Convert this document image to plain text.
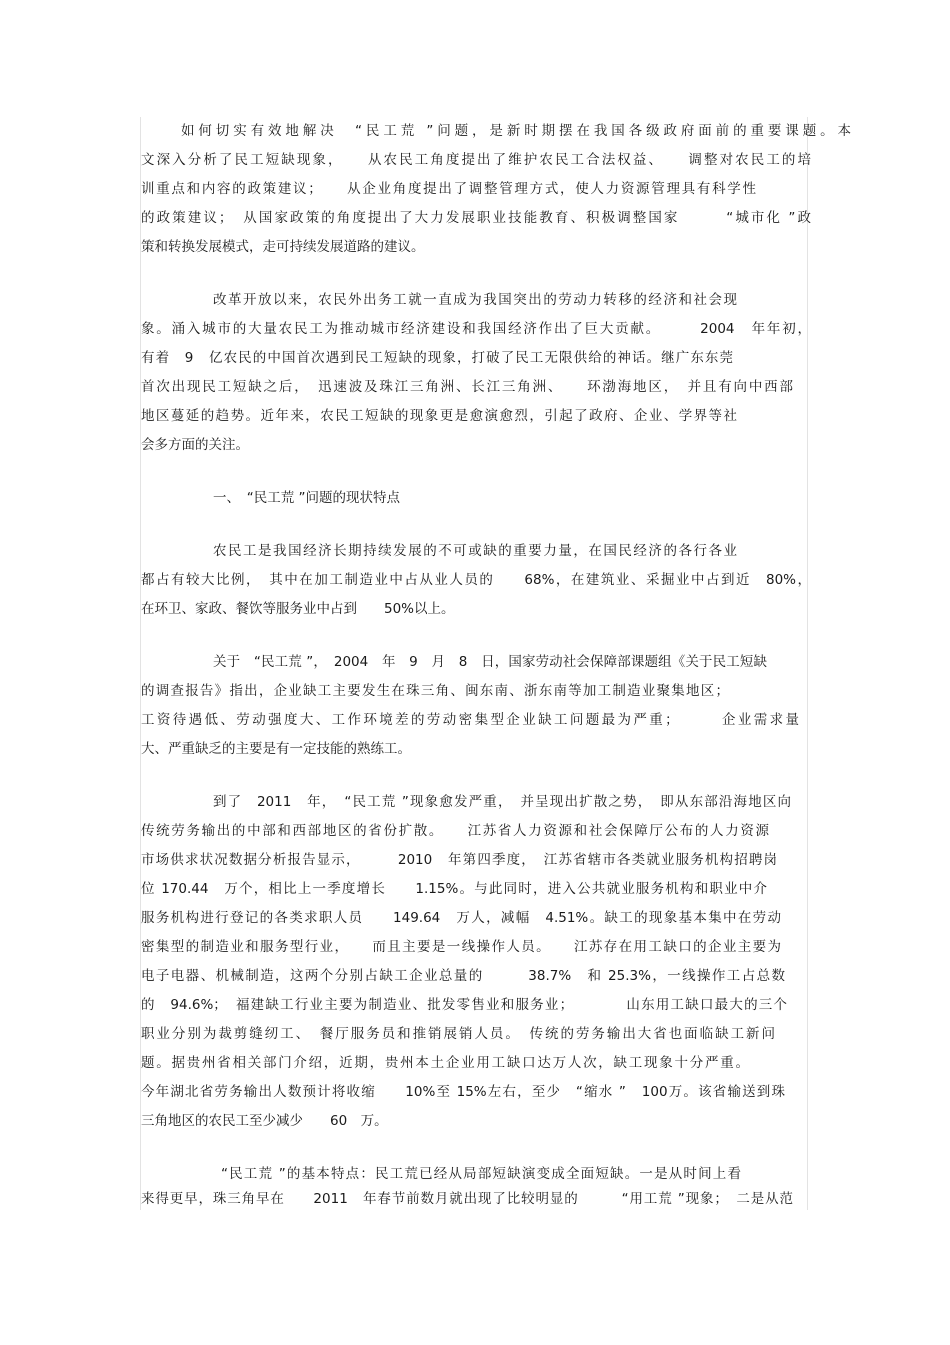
如何切实有效地解决　“民工荒 ”问题，是新时期摆在我国各级政府面前的重要课题。本
文深入分析了民工短缺现象，　　从农民工角度提出了维护农民工合法权益、　　调整对农民工的培
训重点和内容的政策建议；　　从企业角度提出了调整管理方式，使人力资源管理具有科学性
的政策建议；　从国家政策的角度提出了大力发展职业技能教育、积极调整国家　　　“城市化 ”政
策和转换发展模式，走可持续发展道路的建议。
改革开放以来，农民外出务工就一直成为我国突出的劳动力转移的经济和社会现
象。涌入城市的大量农民工为推动城市经济建设和我国经济作出了巨大贡献。　　　2004　年年初，
有着　9　亿农民的中国首次遇到民工短缺的现象，打破了民工无限供给的神话。继广东东莞
首次出现民工短缺之后，　迅速波及珠江三角洲、长江三角洲、　　环渤海地区，　并且有向中西部
地区蔓延的趋势。近年来，农民工短缺的现象更是愈演愈烈，引起了政府、企业、学界等社
会多方面的关注。
一、　“民工荒 ”问题的现状特点
农民工是我国经济长期持续发展的不可或缺的重要力量，在国民经济的各行各业
都占有较大比例，　其中在加工制造业中占从业人员的　　68%，在建筑业、采掘业中占到近　80%，
在环卫、家政、餐饮等服务业中占到　　50%以上。
关于　“民工荒 ”，　2004　年　9　月　8　日，国家劳动社会保障部课题组《关于民工短缺
的调查报告》指出，企业缺工主要发生在珠三角、闽东南、浙东南等加工制造业聚集地区；
工资待遇低、劳动强度大、工作环境差的劳动密集型企业缺工问题最为严重；　　　企业需求量
大、严重缺乏的主要是有一定技能的熟练工。
到了　2011　年，　“民工荒 ”现象愈发严重，　并呈现出扩散之势，　即从东部沿海地区向
传统劳务输出的中部和西部地区的省份扩散。　　江苏省人力资源和社会保障厅公布的人力资源
市场供求状况数据分析报告显示，　　　2010　年第四季度，　江苏省辖市各类就业服务机构招聘岗
位 170.44　万个，相比上一季度增长　　1.15%。与此同时，进入公共就业服务机构和职业中介
服务机构进行登记的各类求职人员　　149.64　万人，减幅　4.51%。缺工的现象基本集中在劳动
密集型的制造业和服务型行业，　　而且主要是一线操作人员。　　江苏存在用工缺口的企业主要为
电子电器、机械制造，这两个分别占缺工企业总量的　　　38.7%　和 25.3%，一线操作工占总数
的　94.6%；　福建缺工行业主要为制造业、批发零售业和服务业；　　　　山东用工缺口最大的三个
职业分别为裁剪缝纫工、　餐厅服务员和推销展销人员。　传统的劳务输出大省也面临缺工新问
题。据贵州省相关部门介绍，近期，贵州本土企业用工缺口达万人次，缺工现象十分严重。
今年湖北省劳务输出人数预计将收缩　　10%至 15%左右，至少　“缩水 ”　100万。该省输送到珠
三角地区的农民工至少减少　　60　万。
“民工荒 ”的基本特点：民工荒已经从局部短缺演变成全面短缺。一是从时间上看
来得更早，珠三角早在　　2011　年春节前数月就出现了比较明显的　　　“用工荒 ”现象；　二是从范
